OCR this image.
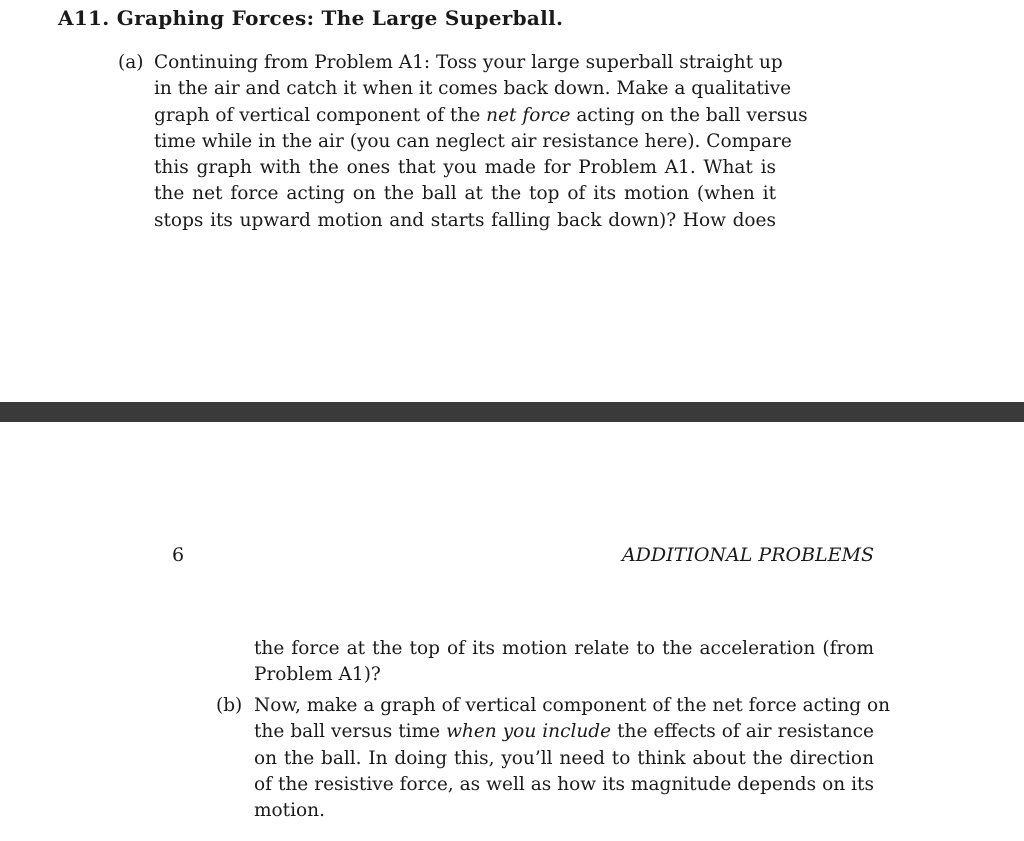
A11. Graphing Forces: The Large Superball.
(a) Continuing from Problem A1: Toss your large superball straight up
in the air and catch it when it comes back down. Make a qualitative
graph of vertical component of the net force acting on the ball versus
time while in the air (you can neglect air resistance here). Compare
this graph with the ones that you made for Problem A1. What is
the net force acting on the ball at the top of its motion (when it
stops its upward motion and starts falling back down)? How does
6	ADDITIONAL PROBLEMS
the force at the top of its motion relate to the acceleration (from
Problem A1)?
(b) Now, make a graph of vertical component of the net force acting on
the ball versus time when you include the effects of air resistance
on the ball. In doing this, you’ll need to think about the direction
of the resistive force, as well as how its magnitude depends on its
motion.
